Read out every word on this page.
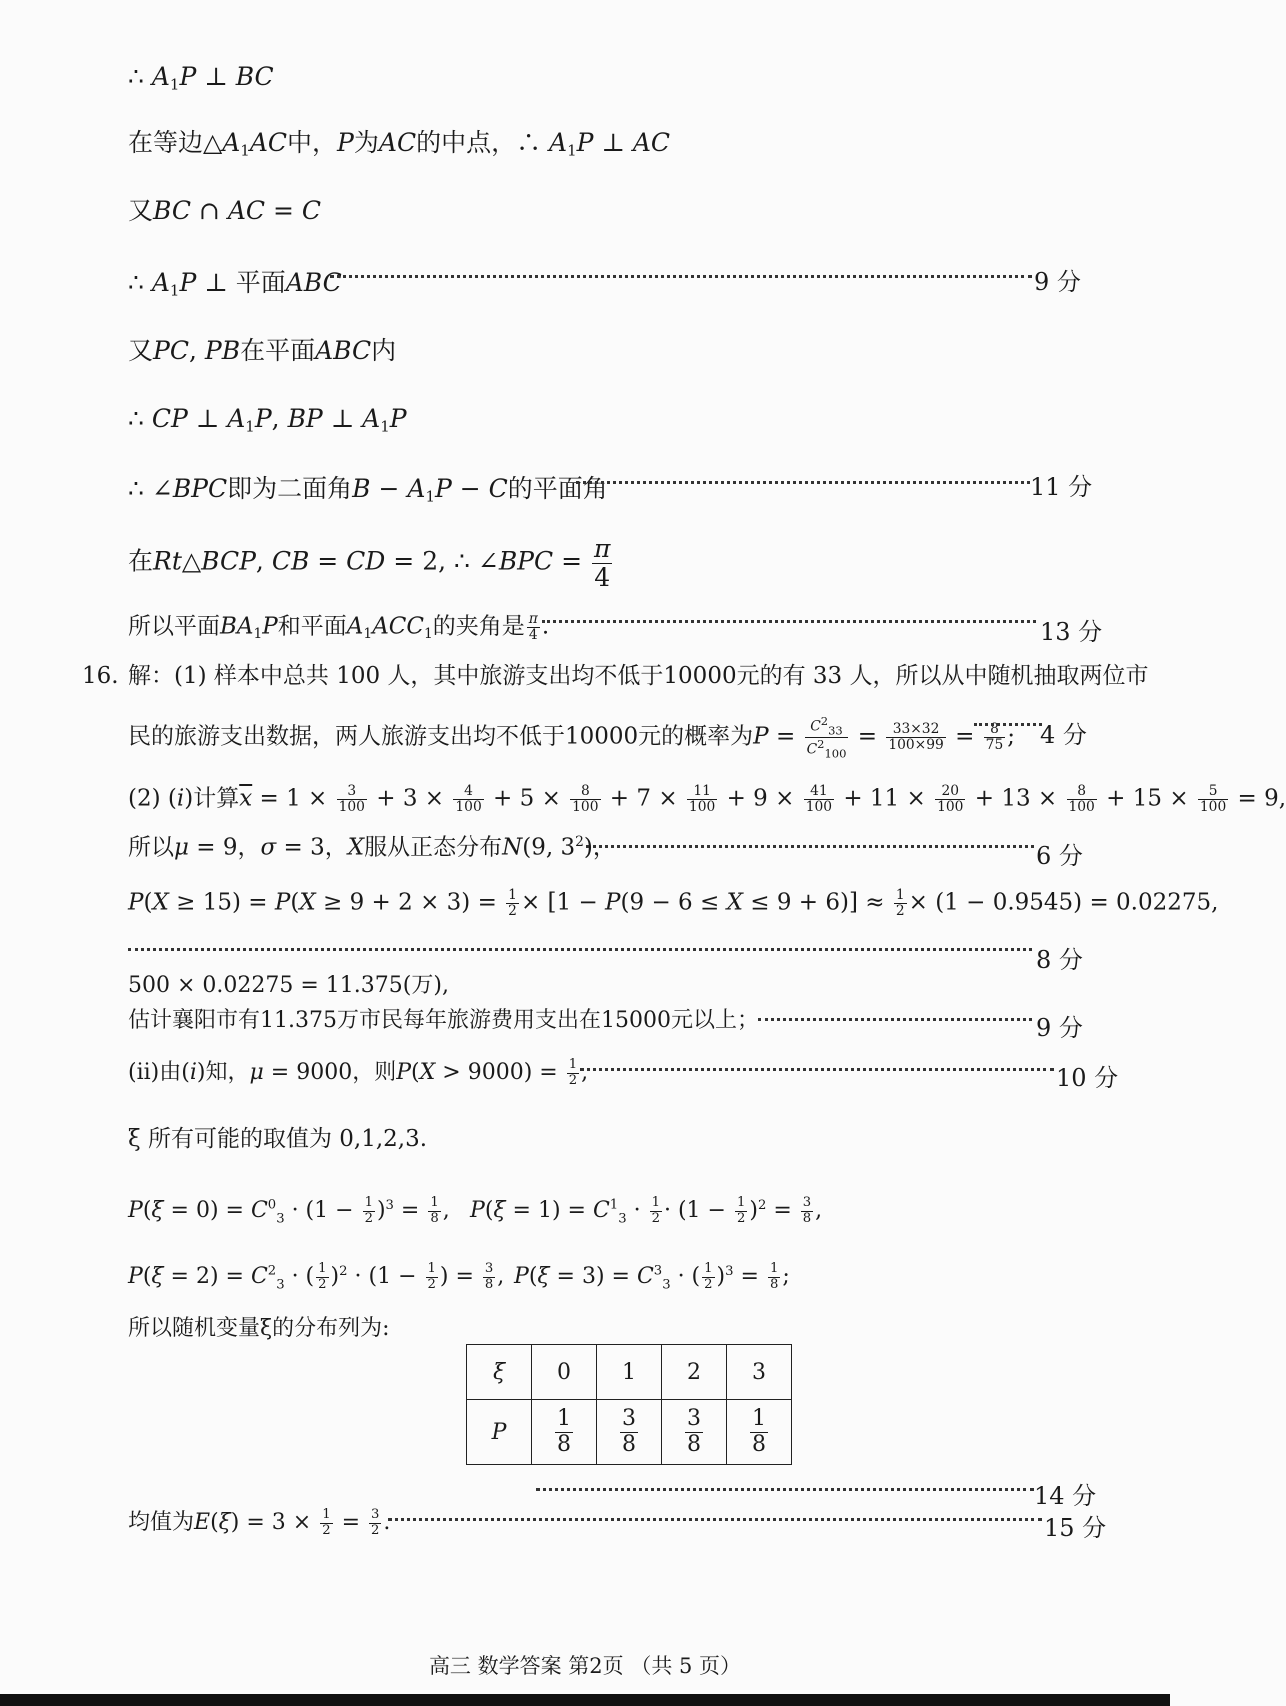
∴ $A_1P$ ⊥ BC
在等边$\triangle A_1AC$中，P为AC的中点，∴ $A_1P$ ⊥ AC
又BC ∩ AC = C
∴ $A_1P$ ⊥ 平面ABC	9 分
又PC, PB在平面ABC内
∴ CP ⊥ $A_1P$, BP ⊥ $A_1P$
∴ ∠BPC即为二面角$B - A_1P - C$的平面角	11 分
在Rt△BCP, CB = CD = 2, ∴ ∠BPC = $\frac{\pi}{4}$
所以平面$BA_1P$和平面$A_1ACC_1$的夹角是 $\frac{\pi}{4}$ .	13 分
16. 解：(1) 样本中总共 100 人，其中旅游支出均不低于10000元的有 33 人，所以从中随机抽取两位市
民的旅游支出数据，两人旅游支出均不低于10000元的概率为$P = \frac{C^2_{33}}{C^2_{100}} = \frac{33\times 32}{100\times 99} = \frac{8}{75}$ ; 4 分
(2) (i)计算$\overline{x} = 1 \times \frac{3}{100} + 3 \times \frac{4}{100} + 5 \times \frac{8}{100} + 7 \times \frac{11}{100} + 9 \times \frac{41}{100} + 11 \times \frac{20}{100} + 13 \times \frac{8}{100} + 15 \times \frac{5}{100} = 9$,
所以μ = 9，σ = 3，X服从正态分布N(9, $3^2$)，	6 分
$P(X \ge 15) = P(X \ge 9 + 2 \times 3) = \frac{1}{2} \times [1 - P(9 - 6 \le X \le 9 + 6)] \approx \frac{1}{2} \times (1 - 0.9545) = 0.02275$,
8 分
500 × 0.02275 = 11.375(万),
估计襄阳市有11.375万市民每年旅游费用支出在15000元以上；	9 分
(ii)由(i)知，μ = 9000，则$P(X > 9000) = \frac{1}{2}$ ,	10 分
ξ 所有可能的取值为 0,1,2,3.
$P(\xi = 0) = C^0_3 \cdot (1 - \frac{1}{2} )^3 = \frac{1}{8}$ , $P(\xi = 1) = C^1_3 \cdot \frac{1}{2} \cdot (1 - \frac{1}{2} )^2 = \frac{3}{8}$ ,
$P(\xi = 2) = C^2_3$ · ( $\frac{1}{2} )^2 \cdot (1 - \frac{1}{2}$ ) = $\frac{3}{8}$ , $P(\xi = 3) = C^3_3$ · ( $\frac{1}{2} )^3 = \frac{1}{8}$ ;
所以随机变量ξ的分布列为:
ξ	0	1	2	3
P	$\frac{1}{8}$	$\frac{3}{8}$	$\frac{3}{8}$	$\frac{1}{8}$
14 分
均值为$E(\xi) = 3 \times \frac{1}{2} = \frac{3}{2}$ .	15 分
高三 数学答案 第2页 （共 5 页）
